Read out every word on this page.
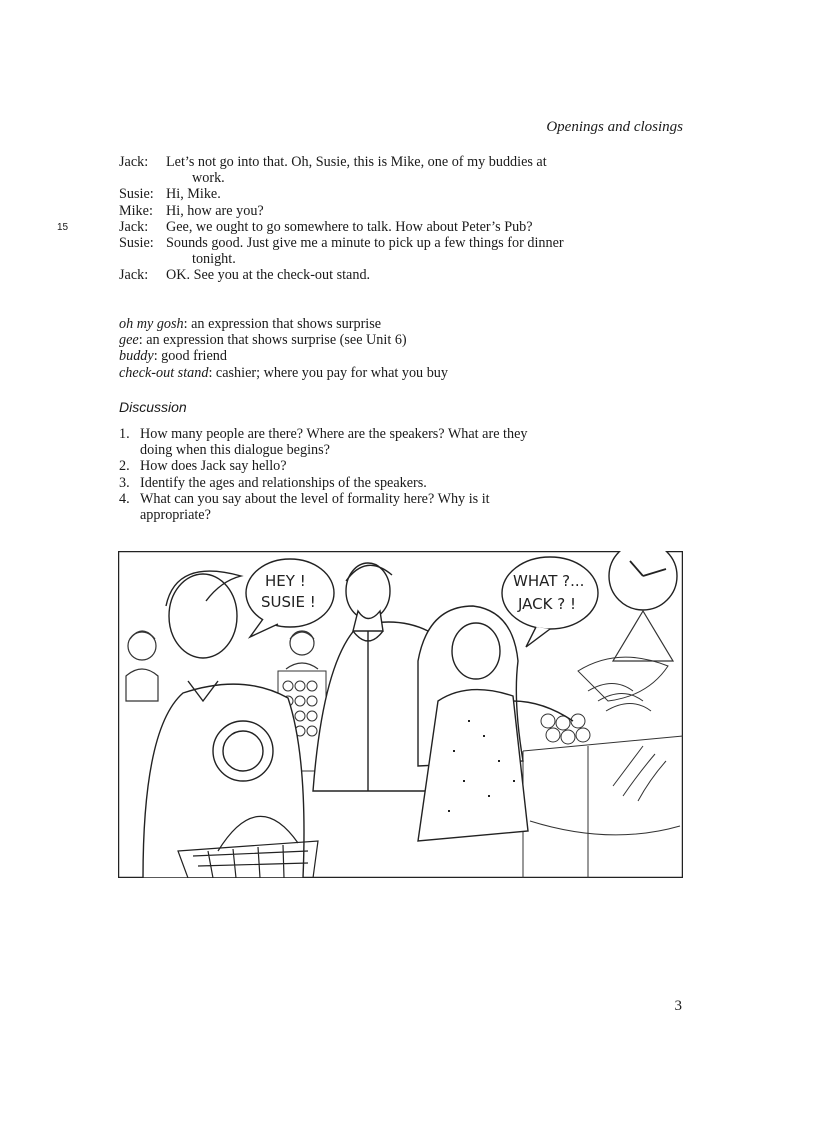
Openings and closings
Jack:	Let’s not go into that. Oh, Susie, this is Mike, one of my buddies at work.
Susie: Hi, Mike.
Mike: Hi, how are you?
15	Jack:	Gee, we ought to go somewhere to talk. How about Peter’s Pub?
Susie: Sounds good. Just give me a minute to pick up a few things for dinner tonight.
Jack:	OK. See you at the check-out stand.
oh my gosh: an expression that shows surprise
gee: an expression that shows surprise (see Unit 6)
buddy: good friend
check-out stand: cashier; where you pay for what you buy
Discussion
1. How many people are there? Where are the speakers? What are they doing when this dialogue begins?
2. How does Jack say hello?
3. Identify the ages and relationships of the speakers.
4. What can you say about the level of formality here? Why is it appropriate?
HEY !
SUSIE !
WHAT ?...
JACK ? !
3
